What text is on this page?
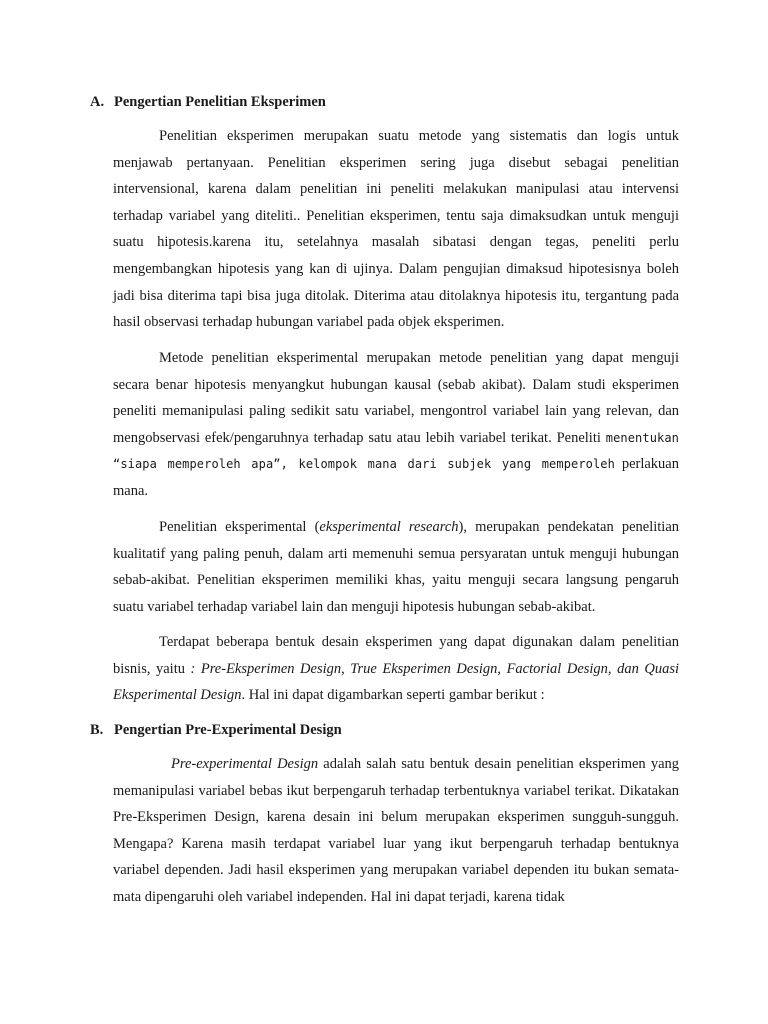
A. Pengertian Penelitian Eksperimen

Penelitian eksperimen merupakan suatu metode yang sistematis dan logis untuk menjawab pertanyaan. Penelitian eksperimen sering juga disebut sebagai penelitian intervensional, karena dalam penelitian ini peneliti melakukan manipulasi atau intervensi terhadap variabel yang diteliti.. Penelitian eksperimen, tentu saja dimaksudkan untuk menguji suatu hipotesis.karena itu, setelahnya masalah sibatasi dengan tegas, peneliti perlu mengembangkan hipotesis yang kan di ujinya. Dalam pengujian dimaksud hipotesisnya boleh jadi bisa diterima tapi bisa juga ditolak. Diterima atau ditolaknya hipotesis itu, tergantung pada hasil observasi terhadap hubungan variabel pada objek eksperimen.

Metode penelitian eksperimental merupakan metode penelitian yang dapat menguji secara benar hipotesis menyangkut hubungan kausal (sebab akibat). Dalam studi eksperimen peneliti memanipulasi paling sedikit satu variabel, mengontrol variabel lain yang relevan, dan mengobservasi efek/pengaruhnya terhadap satu atau lebih variabel terikat. Peneliti menentukan “siapa memperoleh apa”, kelompok mana dari subjek yang memperoleh perlakuan mana.

Penelitian eksperimental (eksperimental research), merupakan pendekatan penelitian kualitatif yang paling penuh, dalam arti memenuhi semua persyaratan untuk menguji hubungan sebab-akibat. Penelitian eksperimen memiliki khas, yaitu menguji secara langsung pengaruh suatu variabel terhadap variabel lain dan menguji hipotesis hubungan sebab-akibat.

Terdapat beberapa bentuk desain eksperimen yang dapat digunakan dalam penelitian bisnis, yaitu : Pre-Eksperimen Design, True Eksperimen Design, Factorial Design, dan Quasi Eksperimental Design. Hal ini dapat digambarkan seperti gambar berikut :

B. Pengertian Pre-Experimental Design

Pre-experimental Design adalah salah satu bentuk desain penelitian eksperimen yang memanipulasi variabel bebas ikut berpengaruh terhadap terbentuknya variabel terikat. Dikatakan Pre-Eksperimen Design, karena desain ini belum merupakan eksperimen sungguh-sungguh. Mengapa? Karena masih terdapat variabel luar yang ikut berpengaruh terhadap bentuknya variabel dependen. Jadi hasil eksperimen yang merupakan variabel dependen itu bukan semata-mata dipengaruhi oleh variabel independen. Hal ini dapat terjadi, karena tidak
